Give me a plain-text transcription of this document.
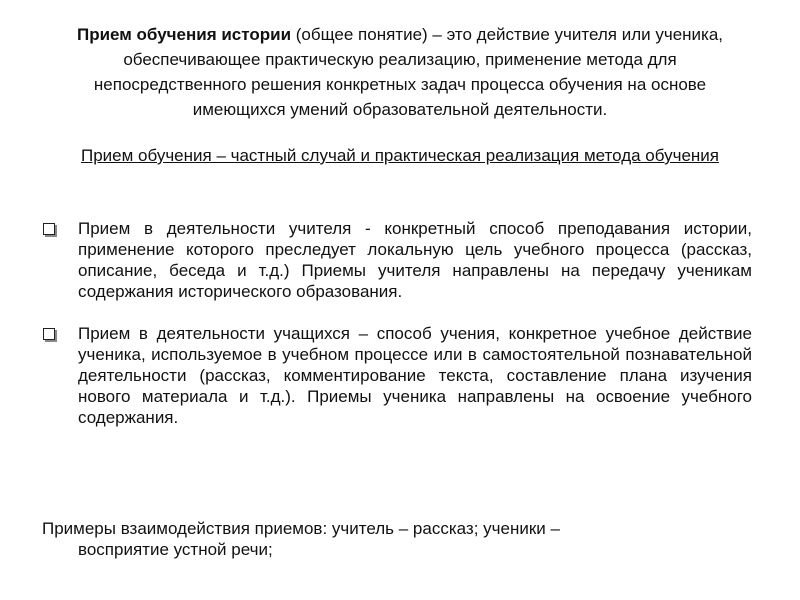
Прием обучения истории (общее понятие) – это действие учителя или ученика, обеспечивающее практическую реализацию, применение метода для непосредственного решения конкретных задач процесса обучения на основе имеющихся умений образовательной деятельности.
Прием обучения – частный случай и практическая реализация метода обучения
Прием в деятельности учителя - конкретный способ преподавания истории, применение которого преследует локальную цель учебного процесса (рассказ, описание, беседа и т.д.) Приемы учителя направлены на передачу ученикам содержания исторического образования.
Прием в деятельности учащихся – способ учения, конкретное учебное действие ученика, используемое в учебном процессе или в самостоятельной познавательной деятельности (рассказ, комментирование текста, составление плана изучения нового материала и т.д.). Приемы ученика направлены на освоение учебного содержания.
Примеры взаимодействия приемов: учитель – рассказ; ученики –
восприятие устной речи;
